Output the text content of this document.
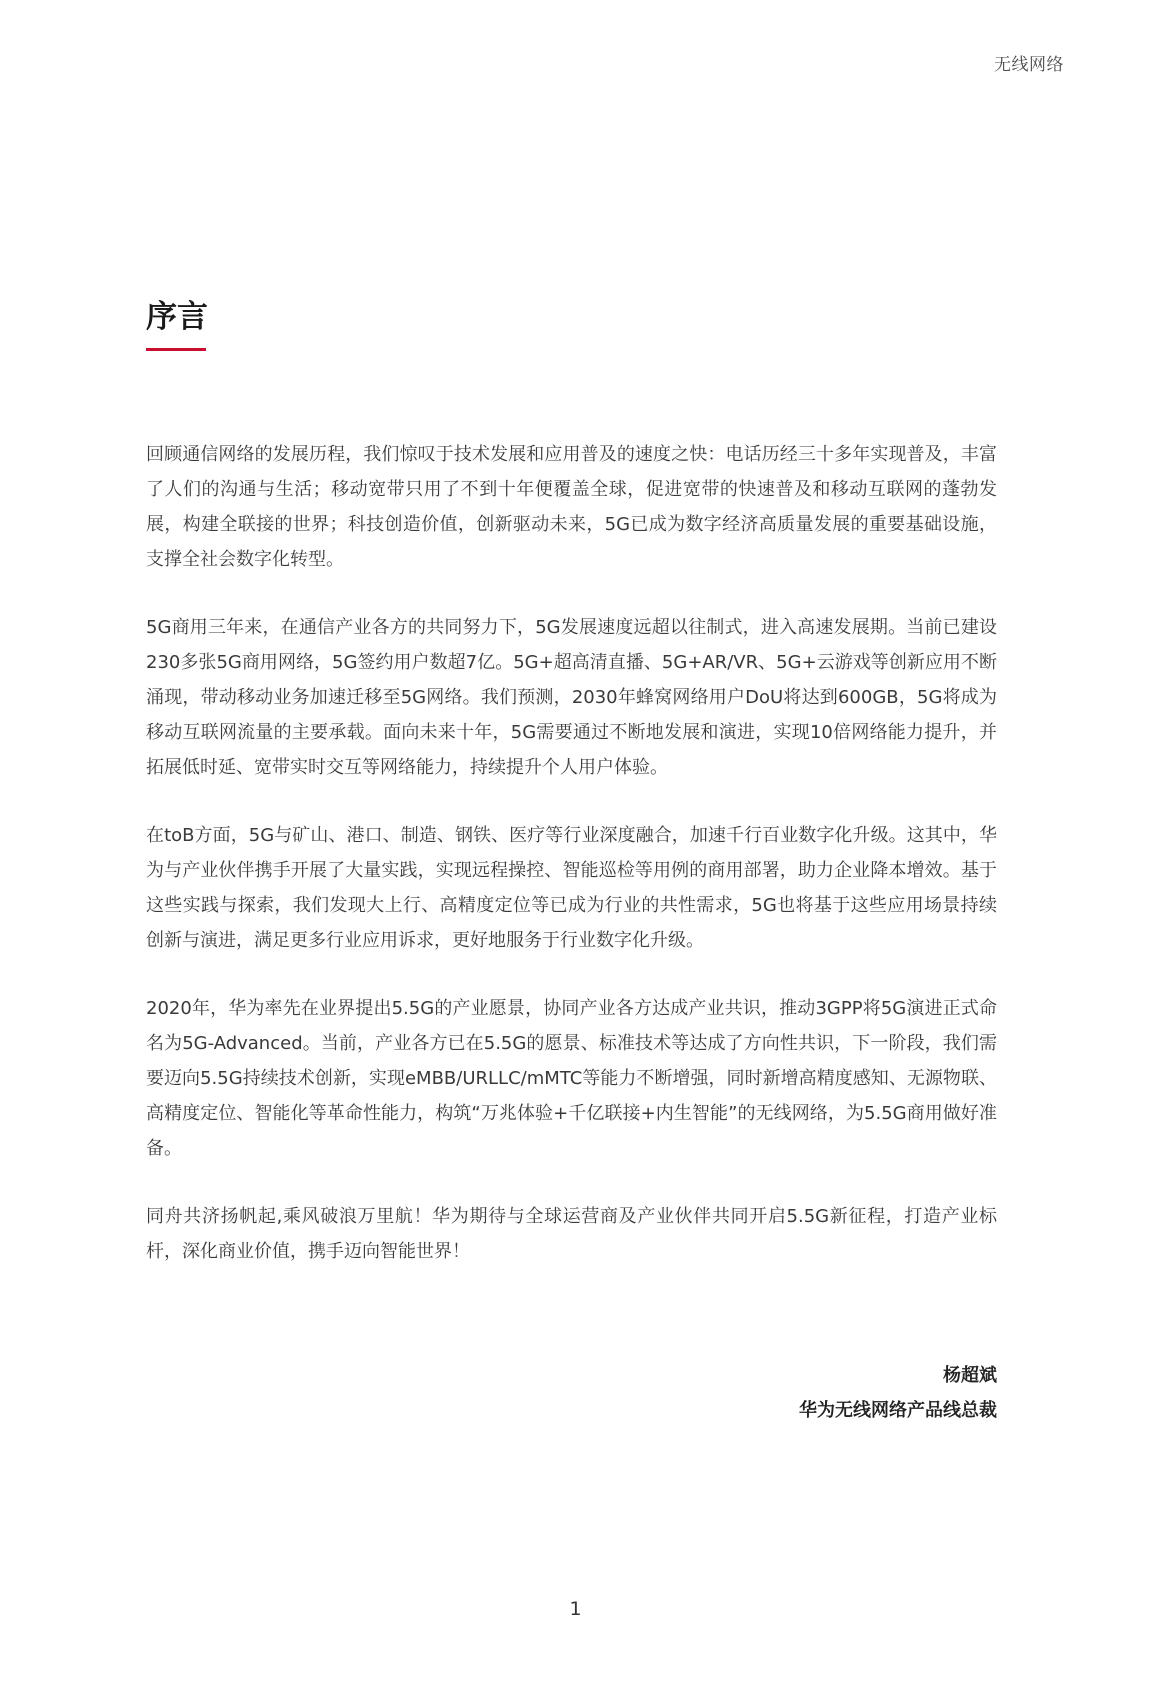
无线网络
序言

回顾通信网络的发展历程，我们惊叹于技术发展和应用普及的速度之快：电话历经三十多年实现普及，丰富了人们的沟通与生活；移动宽带只用了不到十年便覆盖全球，促进宽带的快速普及和移动互联网的蓬勃发展，构建全联接的世界；科技创造价值，创新驱动未来，5G已成为数字经济高质量发展的重要基础设施，支撑全社会数字化转型。

5G商用三年来，在通信产业各方的共同努力下，5G发展速度远超以往制式，进入高速发展期。当前已建设230多张5G商用网络，5G签约用户数超7亿。5G+超高清直播、5G+AR/VR、5G+云游戏等创新应用不断涌现，带动移动业务加速迁移至5G网络。我们预测，2030年蜂窝网络用户DoU将达到600GB，5G将成为移动互联网流量的主要承载。面向未来十年，5G需要通过不断地发展和演进，实现10倍网络能力提升，并拓展低时延、宽带实时交互等网络能力，持续提升个人用户体验。

在toB方面，5G与矿山、港口、制造、钢铁、医疗等行业深度融合，加速千行百业数字化升级。这其中，华为与产业伙伴携手开展了大量实践，实现远程操控、智能巡检等用例的商用部署，助力企业降本增效。基于这些实践与探索，我们发现大上行、高精度定位等已成为行业的共性需求，5G也将基于这些应用场景持续创新与演进，满足更多行业应用诉求，更好地服务于行业数字化升级。

2020年，华为率先在业界提出5.5G的产业愿景，协同产业各方达成产业共识，推动3GPP将5G演进正式命名为5G-Advanced。当前，产业各方已在5.5G的愿景、标准技术等达成了方向性共识，下一阶段，我们需要迈向5.5G持续技术创新，实现eMBB/URLLC/mMTC等能力不断增强，同时新增高精度感知、无源物联、高精度定位、智能化等革命性能力，构筑“万兆体验+千亿联接+内生智能”的无线网络，为5.5G商用做好准备。

同舟共济扬帆起,乘风破浪万里航！华为期待与全球运营商及产业伙伴共同开启5.5G新征程，打造产业标杆，深化商业价值，携手迈向智能世界！

杨超斌

华为无线网络产品线总裁

1
